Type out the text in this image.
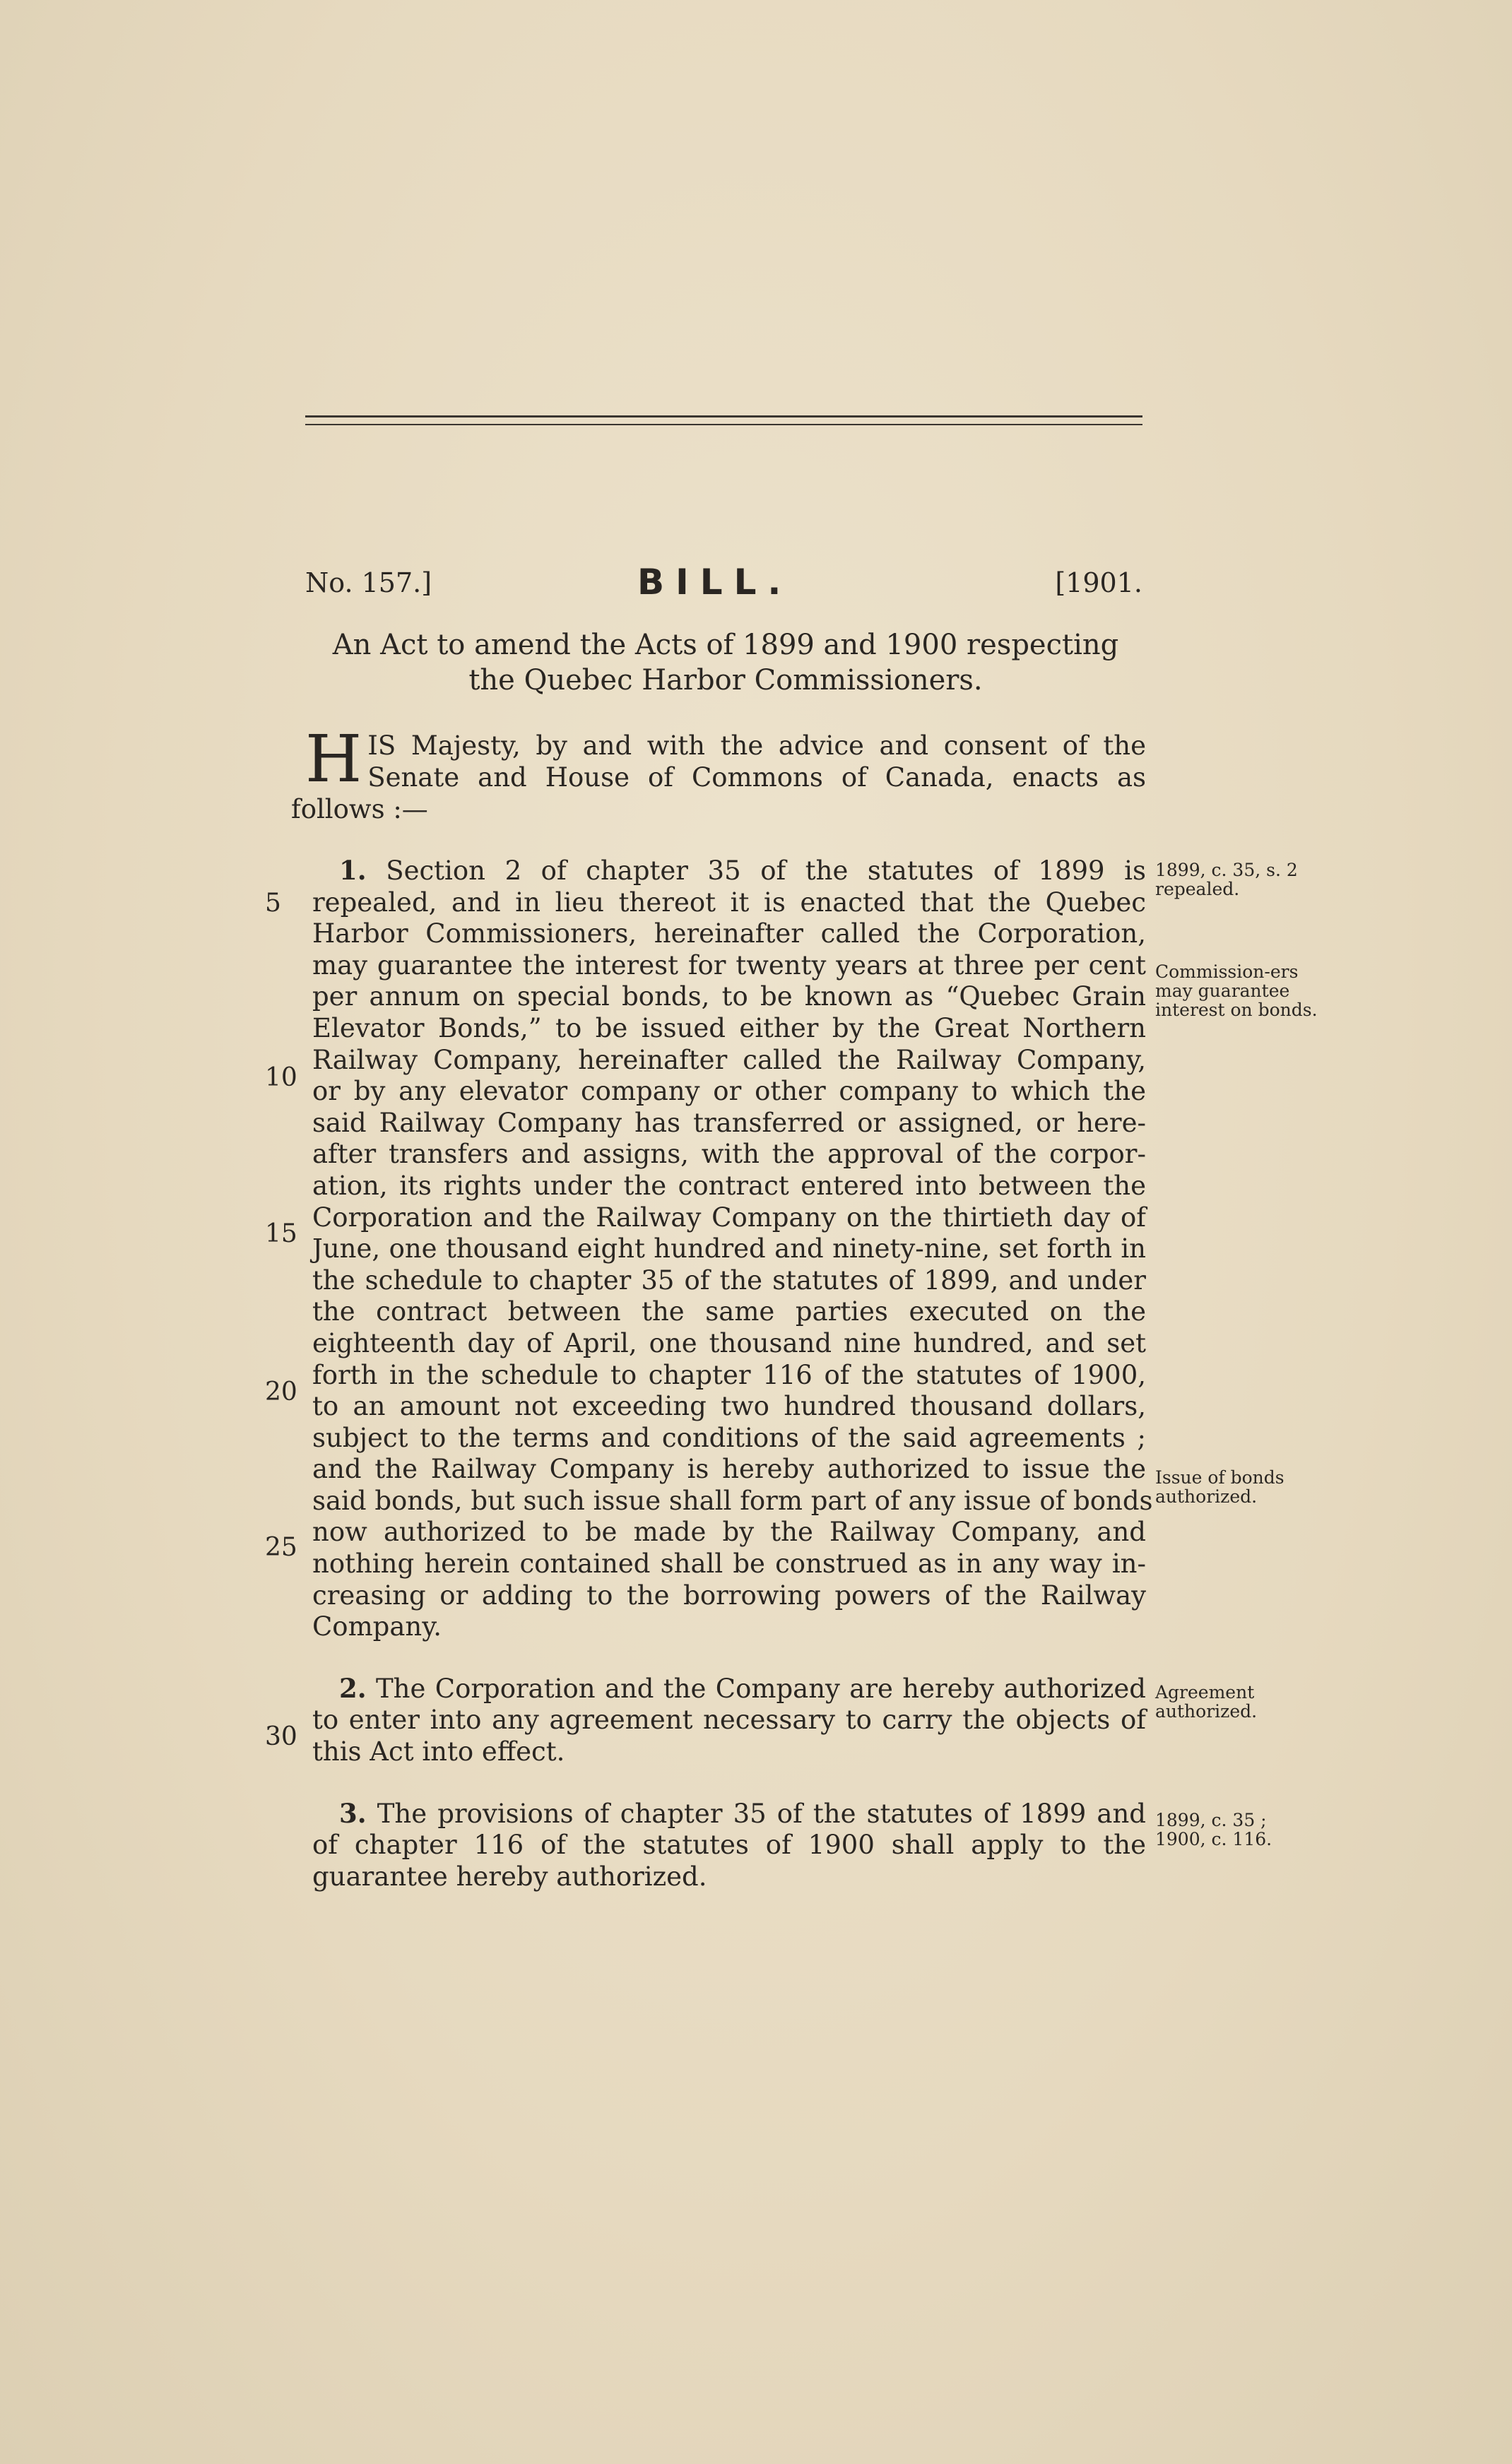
No. 157.]	BILL.	[1901.
An Act to amend the Acts of 1899 and 1900 respecting
the Quebec Harbor Commissioners.
H IS Majesty, by and with the advice and consent of the
Senate and House of Commons of Canada, enacts as
follows :—
1. Section 2 of chapter 35 of the statutes of 1899 is
repealed, and in lieu thereot it is enacted that the Quebec
Harbor Commissioners, hereinafter called the Corporation,
may guarantee the interest for twenty years at three per cent
per annum on special bonds, to be known as “Quebec Grain
Elevator Bonds,” to be issued either by the Great Northern
Railway Company, hereinafter called the Railway Company,
or by any elevator company or other company to which the
said Railway Company has transferred or assigned, or here-
after transfers and assigns, with the approval of the corpor-
ation, its rights under the contract entered into between the
Corporation and the Railway Company on the thirtieth day of
June, one thousand eight hundred and ninety-nine, set forth in
the schedule to chapter 35 of the statutes of 1899, and under
the contract between the same parties executed on the
eighteenth day of April, one thousand nine hundred, and set
forth in the schedule to chapter 116 of the statutes of 1900,
to an amount not exceeding two hundred thousand dollars,
subject to the terms and conditions of the said agreements ;
and the Railway Company is hereby authorized to issue the
said bonds, but such issue shall form part of any issue of bonds
now authorized to be made by the Railway Company, and
nothing herein contained shall be construed as in any way in-
creasing or adding to the borrowing powers of the Railway
Company.
2. The Corporation and the Company are hereby authorized
to enter into any agreement necessary to carry the objects of
this Act into effect.
3. The provisions of chapter 35 of the statutes of 1899 and
of chapter 116 of the statutes of 1900 shall apply to the
guarantee hereby authorized.
5
10
15
20
25
30
1899, c. 35, s. 2 repealed.
Commission-ers may guarantee interest on bonds.
Issue of bonds authorized.
Agreement authorized.
1899, c. 35 ; 1900, c. 116.
